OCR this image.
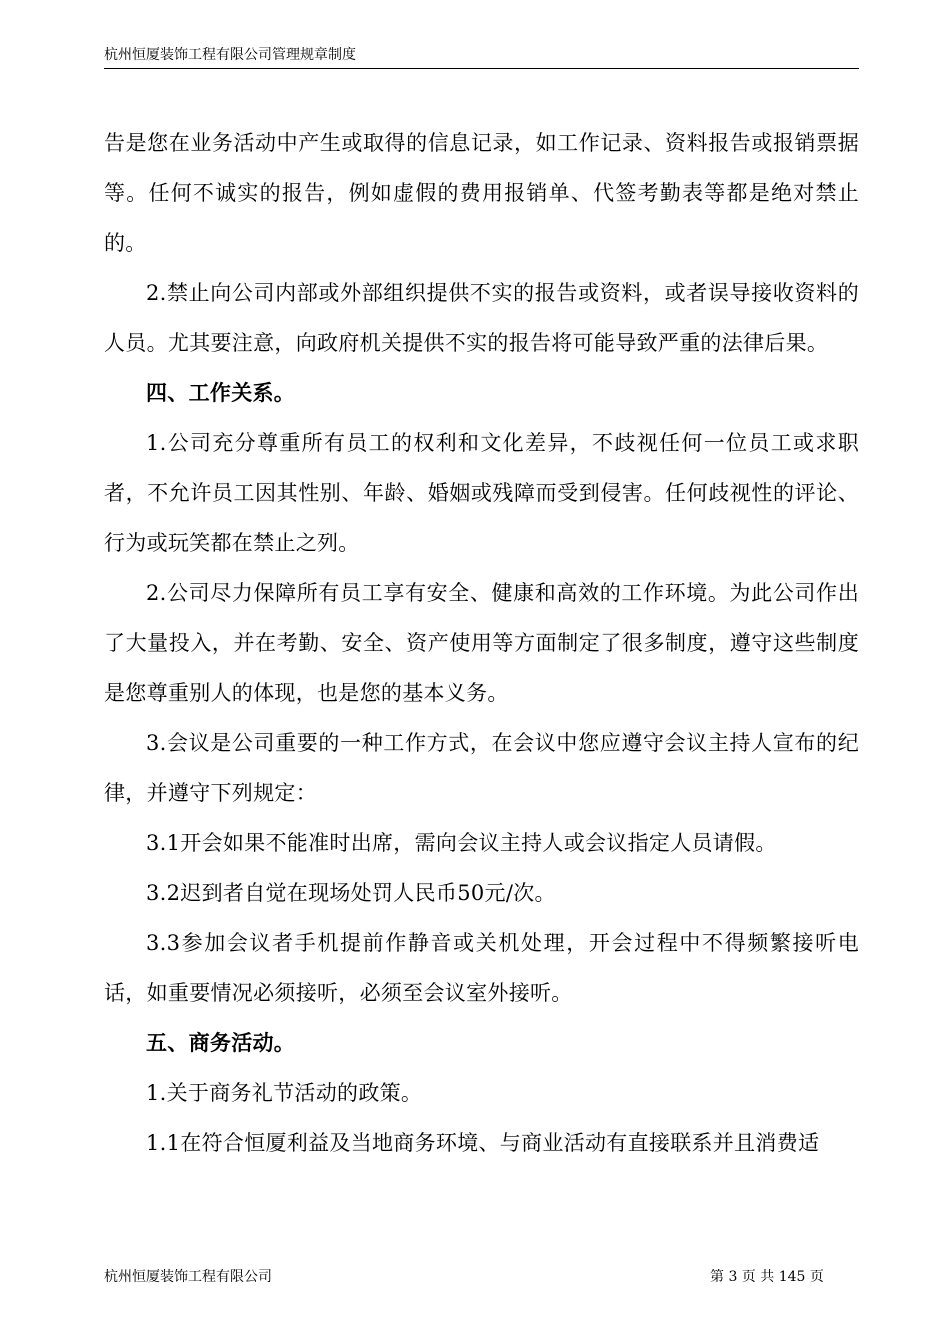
杭州恒厦装饰工程有限公司管理规章制度

告是您在业务活动中产生或取得的信息记录，如工作记录、资料报告或报销票据等。任何不诚实的报告，例如虚假的费用报销单、代签考勤表等都是绝对禁止的。

2.禁止向公司内部或外部组织提供不实的报告或资料，或者误导接收资料的人员。尤其要注意，向政府机关提供不实的报告将可能导致严重的法律后果。

四、工作关系。

1.公司充分尊重所有员工的权利和文化差异，不歧视任何一位员工或求职者，不允许员工因其性别、年龄、婚姻或残障而受到侵害。任何歧视性的评论、行为或玩笑都在禁止之列。

2.公司尽力保障所有员工享有安全、健康和高效的工作环境。为此公司作出了大量投入，并在考勤、安全、资产使用等方面制定了很多制度，遵守这些制度是您尊重别人的体现，也是您的基本义务。

3.会议是公司重要的一种工作方式，在会议中您应遵守会议主持人宣布的纪律，并遵守下列规定：

3.1开会如果不能准时出席，需向会议主持人或会议指定人员请假。

3.2迟到者自觉在现场处罚人民币50元/次。

3.3参加会议者手机提前作静音或关机处理，开会过程中不得频繁接听电话，如重要情况必须接听，必须至会议室外接听。

五、商务活动。

1.关于商务礼节活动的政策。

1.1在符合恒厦利益及当地商务环境、与商业活动有直接联系并且消费适

杭州恒厦装饰工程有限公司	第 3 页 共 145 页
